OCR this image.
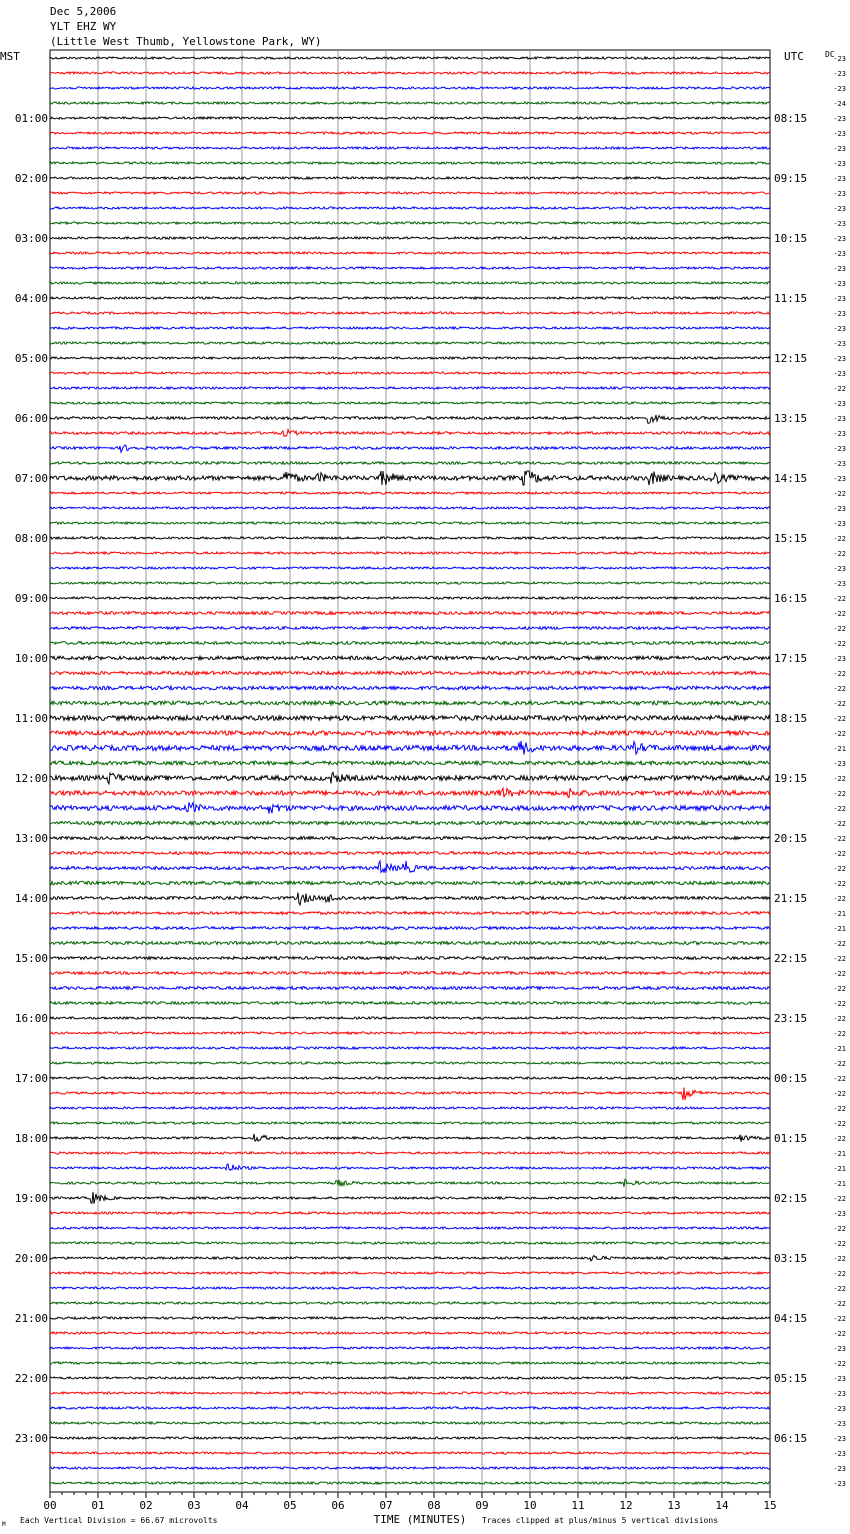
Dec 5,2006
YLT EHZ WY
(Little West Thumb, Yellowstone Park, WY)
00	01	02	03	04	05	06	07	08	09	10	11	12	13	14	15
-23
-23
-23
-24
-23
-23
-23
-23
-23
-23
-23
-23
-23
-23
-23
-23
-23
-23
-23
-23
-23
-23
-22
-23
-23
-23
-23
-23
-23
-22
-23
-23
-22
-22
-23
-23
-22
-22
-22
-22
-23
-22
-22
-22
-22
-22
-21
-23
-22
-22
-22
-22
-22
-22
-22
-22
-22
-21
-21
-22
-22
-22
-22
-22
-22
-22
-21
-22
-22
-22
-22
-22
-22
-21
-21
-21
-22
-23
-22
-22
-22
-22
-22
-22
-22
-22
-23
-22
-23
-23
-23
-23
-23
-23
-23
-23
01:00
02:00
03:00
04:00
05:00
06:00
07:00
08:00
09:00
10:00
11:00
12:00
13:00
14:00
15:00
16:00
17:00
18:00
19:00
20:00
21:00
22:00
23:00
08:15
09:15
10:15
11:15
12:15
13:15
14:15
15:15
16:15
17:15
18:15
19:15
20:15
21:15
22:15
23:15
00:15
01:15
02:15
03:15
04:15
05:15
06:15
MST	UTC	DC
TIME (MINUTES)
Each Vertical Division = 66.67 microvolts	Traces clipped at plus/minus 5 vertical divisions
M
